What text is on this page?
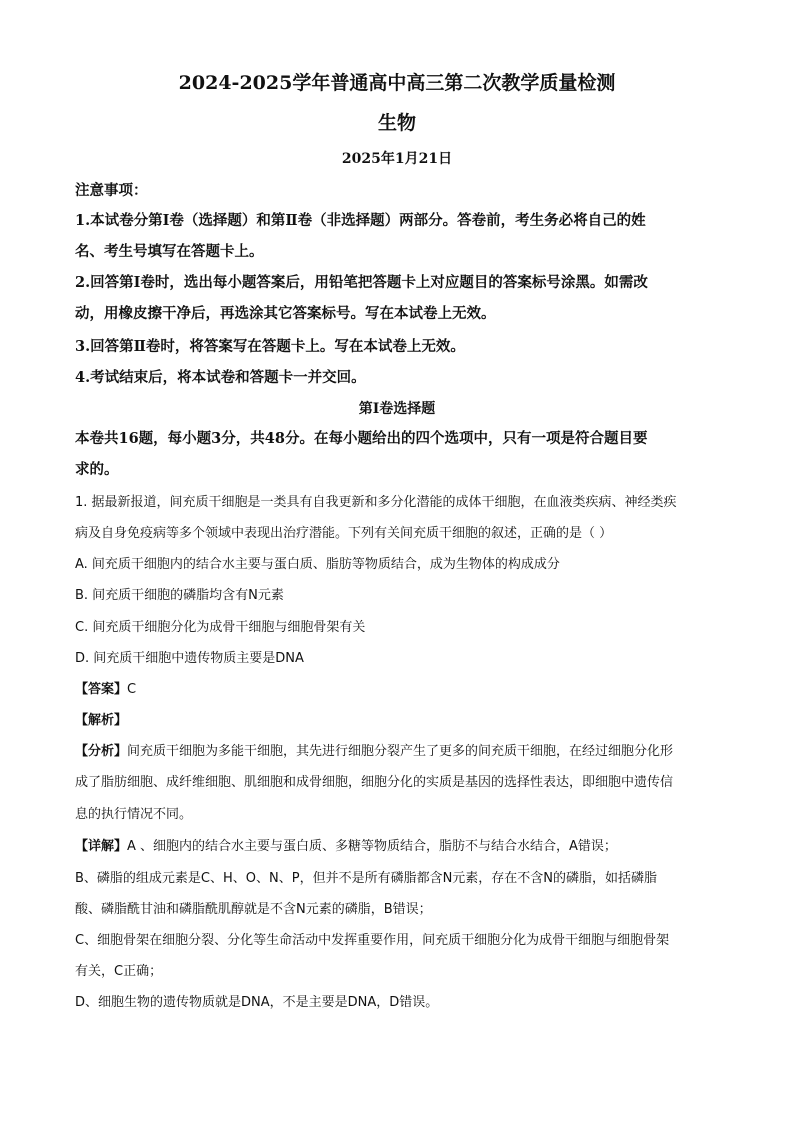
2024-2025学年普通高中高三第二次教学质量检测
生物
2025年1月21日
注意事项：
1.本试卷分第Ⅰ卷（选择题）和第Ⅱ卷（非选择题）两部分。答卷前，考生务必将自己的姓
名、考生号填写在答题卡上。
2.回答第Ⅰ卷时，选出每小题答案后，用铅笔把答题卡上对应题目的答案标号涂黑。如需改
动，用橡皮擦干净后，再选涂其它答案标号。写在本试卷上无效。
3.回答第Ⅱ卷时，将答案写在答题卡上。写在本试卷上无效。
4.考试结束后，将本试卷和答题卡一并交回。
第Ⅰ卷选择题
本卷共16题，每小题3分，共48分。在每小题给出的四个选项中，只有一项是符合题目要
求的。
1. 据最新报道，间充质干细胞是一类具有自我更新和多分化潜能的成体干细胞，在血液类疾病、神经类疾
病及自身免疫病等多个领域中表现出治疗潜能。下列有关间充质干细胞的叙述，正确的是（ ）
A. 间充质干细胞内的结合水主要与蛋白质、脂肪等物质结合，成为生物体的构成成分
B. 间充质干细胞的磷脂均含有N元素
C. 间充质干细胞分化为成骨干细胞与细胞骨架有关
D. 间充质干细胞中遗传物质主要是DNA
【答案】C
【解析】
【分析】间充质干细胞为多能干细胞，其先进行细胞分裂产生了更多的间充质干细胞，在经过细胞分化形
成了脂肪细胞、成纤维细胞、肌细胞和成骨细胞，细胞分化的实质是基因的选择性表达，即细胞中遗传信
息的执行情况不同。
【详解】A 、细胞内的结合水主要与蛋白质、多糖等物质结合，脂肪不与结合水结合，A错误；
B、磷脂的组成元素是C、H、O、N、P，但并不是所有磷脂都含N元素，存在不含N的磷脂，如括磷脂
酸、磷脂酰甘油和磷脂酰肌醇就是不含N元素的磷脂，B错误；
C、细胞骨架在细胞分裂、分化等生命活动中发挥重要作用，间充质干细胞分化为成骨干细胞与细胞骨架
有关，C正确；
D、细胞生物的遗传物质就是DNA，不是主要是DNA，D错误。
